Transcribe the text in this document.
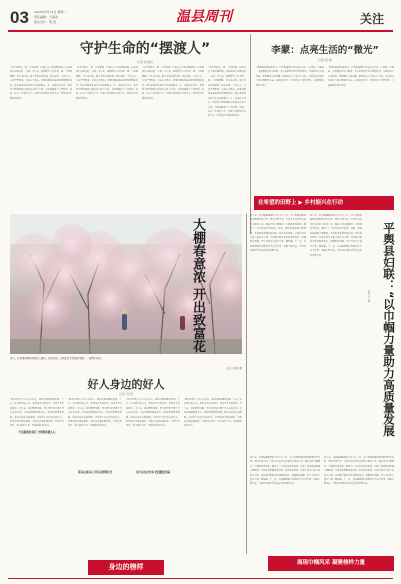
03 2023年3月13日 星期一
责任编辑：王海涛
版式设计：周 涛	温县周刊	关注
守护生命的“摆渡人”
记者 张雨轩
“只要有我在，就一定要把每一位病人安全地送到医院。”这是他常挂在嘴边的一句话。多年来，他始终坚守在急救一线，与时间赛跑，为生命护航。每当急救电话响起，他总是第一个冲出去，无论严寒酷暑，无论白天黑夜。同事们都说他是最值得信赖的伙伴，病人家属也称他为生命的摆渡人。在一次深夜出诊中，他冒着大雨将突发心梗的老人背下六楼，为抢救赢得了宝贵时间。他说，这份工作虽然辛苦，但每当看到病人转危为安，所有的付出都是值得的。
“只要有我在，就一定要把每一位病人安全地送到医院。”这是他常挂在嘴边的一句话。多年来，他始终坚守在急救一线，与时间赛跑，为生命护航。每当急救电话响起，他总是第一个冲出去，无论严寒酷暑，无论白天黑夜。同事们都说他是最值得信赖的伙伴，病人家属也称他为生命的摆渡人。在一次深夜出诊中，他冒着大雨将突发心梗的老人背下六楼，为抢救赢得了宝贵时间。他说，这份工作虽然辛苦，但每当看到病人转危为安，所有的付出都是值得的。
“只要有我在，就一定要把每一位病人安全地送到医院。”这是他常挂在嘴边的一句话。多年来，他始终坚守在急救一线，与时间赛跑，为生命护航。每当急救电话响起，他总是第一个冲出去，无论严寒酷暑，无论白天黑夜。同事们都说他是最值得信赖的伙伴，病人家属也称他为生命的摆渡人。在一次深夜出诊中，他冒着大雨将突发心梗的老人背下六楼，为抢救赢得了宝贵时间。他说，这份工作虽然辛苦，但每当看到病人转危为安，所有的付出都是值得的。
“只要有我在，就一定要把每一位病人安全地送到医院。”这是他常挂在嘴边的一句话。多年来，他始终坚守在急救一线，与时间赛跑，为生命护航。每当急救电话响起，他总是第一个冲出去，无论严寒酷暑，无论白天黑夜。同事们都说他是最值得信赖的伙伴，病人家属也称他为生命的摆渡人。在一次深夜出诊中，他冒着大雨将突发心梗的老人背下六楼，为抢救赢得了宝贵时间。他说，这份工作虽然辛苦，但每当看到病人转危为安，所有的付出都是值得的。
李蒙：点亮生活的“微光”
记者 杨 帆
“我能做的事情虽然小，但也希望能给身边的人带来一点温暖。”李蒙是一名普通的社区志愿者，多年来她坚持走访困难群众，为他们送去生活物资，帮助解决实际问题。她组织成立了爱心小分队，带动更多居民参与到志愿服务中来。在她的带动下，社区形成了邻里互助、守望相助的良好氛围。
“我能做的事情虽然小，但也希望能给身边的人带来一点温暖。”李蒙是一名普通的社区志愿者，多年来她坚持走访困难群众，为他们送去生活物资，帮助解决实际问题。她组织成立了爱心小分队，带动更多居民参与到志愿服务中来。在她的带动下，社区形成了邻里互助、守望相助的良好氛围。
在希望的田野上 ▶ 乡村振兴在行动
大棚春意浓 开出致富花
近日，赵堡镇某种植基地的大棚内，春意盎然，村民们正忙着管护果树，一派繁忙景象。
记者 李明轩 摄
近年来，县妇联紧紧围绕全县中心工作，充分发挥妇联组织的桥梁纽带作用，团结引领全县广大妇女在经济社会发展中建功立业。通过开展巾帼建功、巾帼创业等活动，激发了广大妇女的创业热情。同时，积极推进家庭文明建设，开展最美家庭评选活动，弘扬良好家风。在维护妇女儿童合法权益方面，县妇联不断完善维权服务体系，畅通维权渠道，切实为妇女儿童办实事、解难题。下一步，县妇联将继续发挥妇女半边天作用，凝聚巾帼力量，为推动县域经济高质量发展贡献力量。
近年来，县妇联紧紧围绕全县中心工作，充分发挥妇联组织的桥梁纽带作用，团结引领全县广大妇女在经济社会发展中建功立业。通过开展巾帼建功、巾帼创业等活动，激发了广大妇女的创业热情。同时，积极推进家庭文明建设，开展最美家庭评选活动，弘扬良好家风。在维护妇女儿童合法权益方面，县妇联不断完善维权服务体系，畅通维权渠道，切实为妇女儿童办实事、解难题。下一步，县妇联将继续发挥妇女半边天作用，凝聚巾帼力量，为推动县域经济高质量发展贡献力量。	平舆县妇联：“以巾帼力量助力高质量发展
记者 王 瑶
好人身边的好人
记者 刘 洋
“我们村里出了这么多好人，他们的事迹感动着每一个人。”在村民们的口中，他们是平凡的邻居，也是不平凡的榜样。多年来，他们默默奉献，用实际行动诠释了什么是真善美。无论是照顾孤寡老人，还是帮助困难家庭，他们总是冲在最前面。正是有了这些身边的好人，村里的风气越来越好，邻里关系越来越和睦。大家纷纷表示，要向他们学习，争做新时代的好人。
不畏艰难担重任 守望相助暖人心
“我们村里出了这么多好人，他们的事迹感动着每一个人。”在村民们的口中，他们是平凡的邻居，也是不平凡的榜样。多年来，他们默默奉献，用实际行动诠释了什么是真善美。无论是照顾孤寡老人，还是帮助困难家庭，他们总是冲在最前面。正是有了这些身边的好人，村里的风气越来越好，邻里关系越来越和睦。大家纷纷表示，要向他们学习，争做新时代的好人。
用真心换真心 用行动诠释担当
“我们村里出了这么多好人，他们的事迹感动着每一个人。”在村民们的口中，他们是平凡的邻居，也是不平凡的榜样。多年来，他们默默奉献，用实际行动诠释了什么是真善美。无论是照顾孤寡老人，还是帮助困难家庭，他们总是冲在最前面。正是有了这些身边的好人，村里的风气越来越好，邻里关系越来越和睦。大家纷纷表示，要向他们学习，争做新时代的好人。
为乡亲们办实事 把温暖送到家
“我们村里出了这么多好人，他们的事迹感动着每一个人。”在村民们的口中，他们是平凡的邻居，也是不平凡的榜样。多年来，他们默默奉献，用实际行动诠释了什么是真善美。无论是照顾孤寡老人，还是帮助困难家庭，他们总是冲在最前面。正是有了这些身边的好人，村里的风气越来越好，邻里关系越来越和睦。大家纷纷表示，要向他们学习，争做新时代的好人。
近年来，县妇联紧紧围绕全县中心工作，充分发挥妇联组织的桥梁纽带作用，团结引领全县广大妇女在经济社会发展中建功立业。通过开展巾帼建功、巾帼创业等活动，激发了广大妇女的创业热情。同时，积极推进家庭文明建设，开展最美家庭评选活动，弘扬良好家风。在维护妇女儿童合法权益方面，县妇联不断完善维权服务体系，畅通维权渠道，切实为妇女儿童办实事、解难题。下一步，县妇联将继续发挥妇女半边天作用，凝聚巾帼力量，为推动县域经济高质量发展贡献力量。
近年来，县妇联紧紧围绕全县中心工作，充分发挥妇联组织的桥梁纽带作用，团结引领全县广大妇女在经济社会发展中建功立业。通过开展巾帼建功、巾帼创业等活动，激发了广大妇女的创业热情。同时，积极推进家庭文明建设，开展最美家庭评选活动，弘扬良好家风。在维护妇女儿童合法权益方面，县妇联不断完善维权服务体系，畅通维权渠道，切实为妇女儿童办实事、解难题。下一步，县妇联将继续发挥妇女半边天作用，凝聚巾帼力量，为推动县域经济高质量发展贡献力量。
身边的榜样	展现巾帼风采 凝聚榜样力量
